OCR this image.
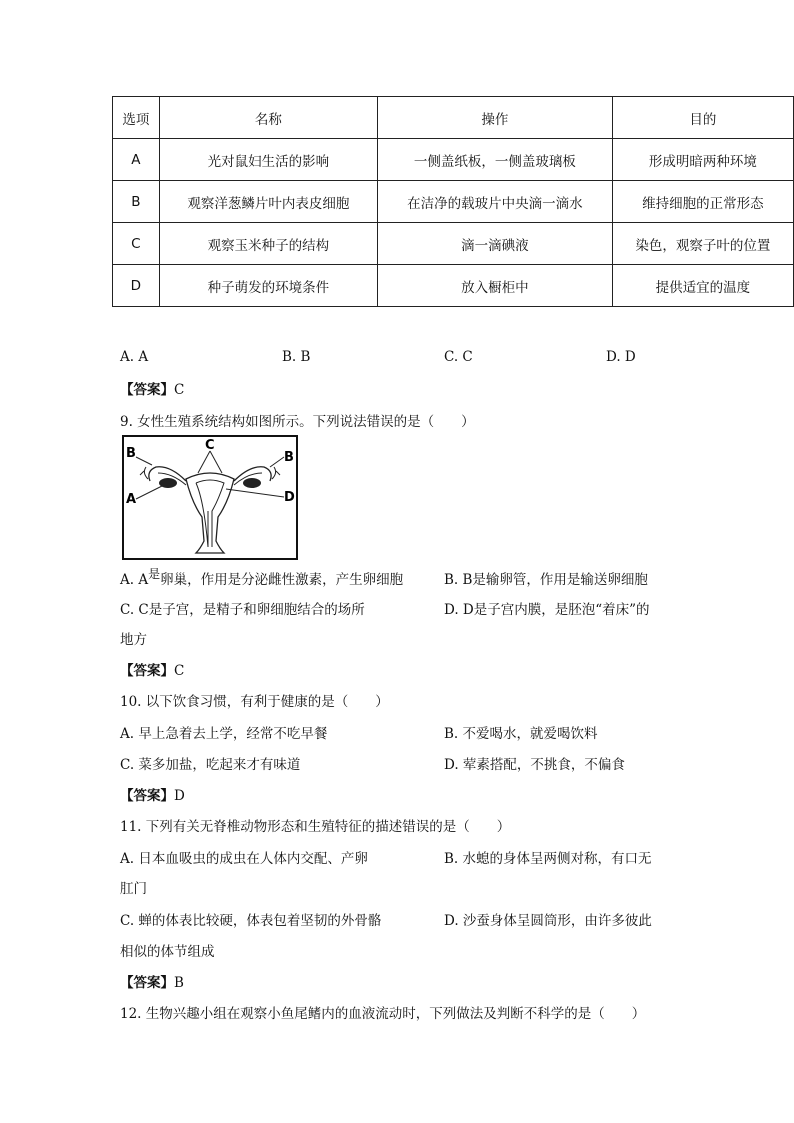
选项	名称	操作	目的
A	光对鼠妇生活的影响	一侧盖纸板，一侧盖玻璃板	形成明暗两种环境
B	观察洋葱鳞片叶内表皮细胞	在洁净的载玻片中央滴一滴水	维持细胞的正常形态
C	观察玉米种子的结构	滴一滴碘液	染色，观察子叶的位置
D	种子萌发的环境条件	放入橱柜中	提供适宜的温度
A. A	B. B	C. C	D. D
【答案】C
9. 女性生殖系统结构如图所示。下列说法错误的是（　　）
B	B
C
A	D
A. A是卵巢，作用是分泌雌性激素，产生卵细胞	B. B是输卵管，作用是输送卵细胞
C. C是子宫，是精子和卵细胞结合的场所	D. D是子宫内膜，是胚泡“着床”的
地方
【答案】C
10. 以下饮食习惯，有利于健康的是（　　）
A. 早上急着去上学，经常不吃早餐	B. 不爱喝水，就爱喝饮料
C. 菜多加盐，吃起来才有味道	D. 荤素搭配，不挑食，不偏食
【答案】D
11. 下列有关无脊椎动物形态和生殖特征的描述错误的是（　　）
A. 日本血吸虫的成虫在人体内交配、产卵	B. 水螅的身体呈两侧对称，有口无
肛门
C. 蝉的体表比较硬，体表包着坚韧的外骨骼	D. 沙蚕身体呈圆筒形，由许多彼此
相似的体节组成
【答案】B
12. 生物兴趣小组在观察小鱼尾鳍内的血液流动时，下列做法及判断不科学的是（　　）
